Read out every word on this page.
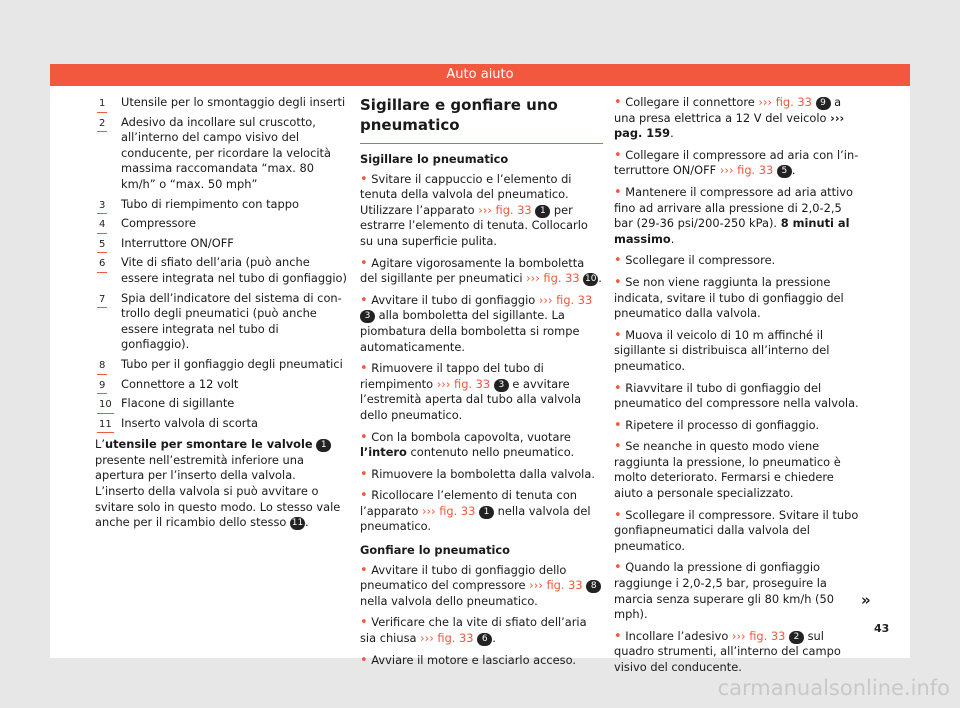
Auto aiuto
1 Utensile per lo smontaggio degli inserti
2 Adesivo da incollare sul cruscotto, all’interno del campo visivo del conducente, per ricordare la velocità massima raccomandata “max. 80 km/h” o “max. 50 mph”
3 Tubo di riempimento con tappo
4 Compressore
5 Interruttore ON/OFF
6 Vite di sfiato dell’aria (può anche essere integrata nel tubo di gonfiaggio)
7 Spia dell’indicatore del sistema di controllo degli pneumatici (può anche essere integrata nel tubo di gonfiaggio).
8 Tubo per il gonfiaggio degli pneumatici
9 Connettore a 12 volt
10 Flacone di sigillante
11 Inserto valvola di scorta

L’utensile per smontare le valvole 1 presente nell’estremità inferiore una apertura per l’inserto della valvola. L’inserto della valvola si può avvitare o svitare solo in questo modo. Lo stesso vale anche per il ricambio dello stesso 11 .

Sigillare e gonfiare uno pneumatico
Sigillare lo pneumatico

• Svitare il cappuccio e l’elemento di tenuta della valvola del pneumatico. Utilizzare l’apparato ››› fig. 33 1 per estrarre l’elemento di tenuta. Collocarlo su una superficie pulita.

• Agitare vigorosamente la bomboletta del sigillante per pneumatici ››› fig. 33 10 .

• Avvitare il tubo di gonfiaggio ››› fig. 33 3 alla bomboletta del sigillante. La piombatura della bomboletta si rompe automaticamente.

• Rimuovere il tappo del tubo di riempimento ››› fig. 33 3 e avvitare l’estremità aperta dal tubo alla valvola dello pneumatico.

• Con la bombola capovolta, vuotare l’intero contenuto nello pneumatico.

• Rimuovere la bomboletta dalla valvola.

• Ricollocare l’elemento di tenuta con l’apparato ››› fig. 33 1 nella valvola del pneumatico.

Gonfiare lo pneumatico

• Avvitare il tubo di gonfiaggio dello pneumatico del compressore ››› fig. 33 8 nella valvola dello pneumatico.

• Verificare che la vite di sfiato dell’aria sia chiusa ››› fig. 33 6 .

• Avviare il motore e lasciarlo acceso.

• Collegare il connettore ››› fig. 33 9 a una presa elettrica a 12 V del veicolo ››› pag. 159.

• Collegare il compressore ad aria con l’interruttore ON/OFF ››› fig. 33 5 .

• Mantenere il compressore ad aria attivo fino ad arrivare alla pressione di 2,0-2,5 bar (29-36 psi/200-250 kPa). 8 minuti al massimo.

• Scollegare il compressore.

• Se non viene raggiunta la pressione indicata, svitare il tubo di gonfiaggio del pneumatico dalla valvola.

• Muova il veicolo di 10 m affinché il sigillante si distribuisca all’interno del pneumatico.

• Riavvitare il tubo di gonfiaggio del pneumatico del compressore nella valvola.

• Ripetere il processo di gonfiaggio.

• Se neanche in questo modo viene raggiunta la pressione, lo pneumatico è molto deteriorato. Fermarsi e chiedere aiuto a personale specializzato.

• Scollegare il compressore. Svitare il tubo gonfiapneumatici dalla valvola del pneumatico.

• Quando la pressione di gonfiaggio raggiunge i 2,0-2,5 bar, proseguire la marcia senza superare gli 80 km/h (50 mph).

• Incollare l’adesivo ››› fig. 33 2 sul quadro strumenti, all’interno del campo visivo del conducente.

»
43
carmanualsonline.info
